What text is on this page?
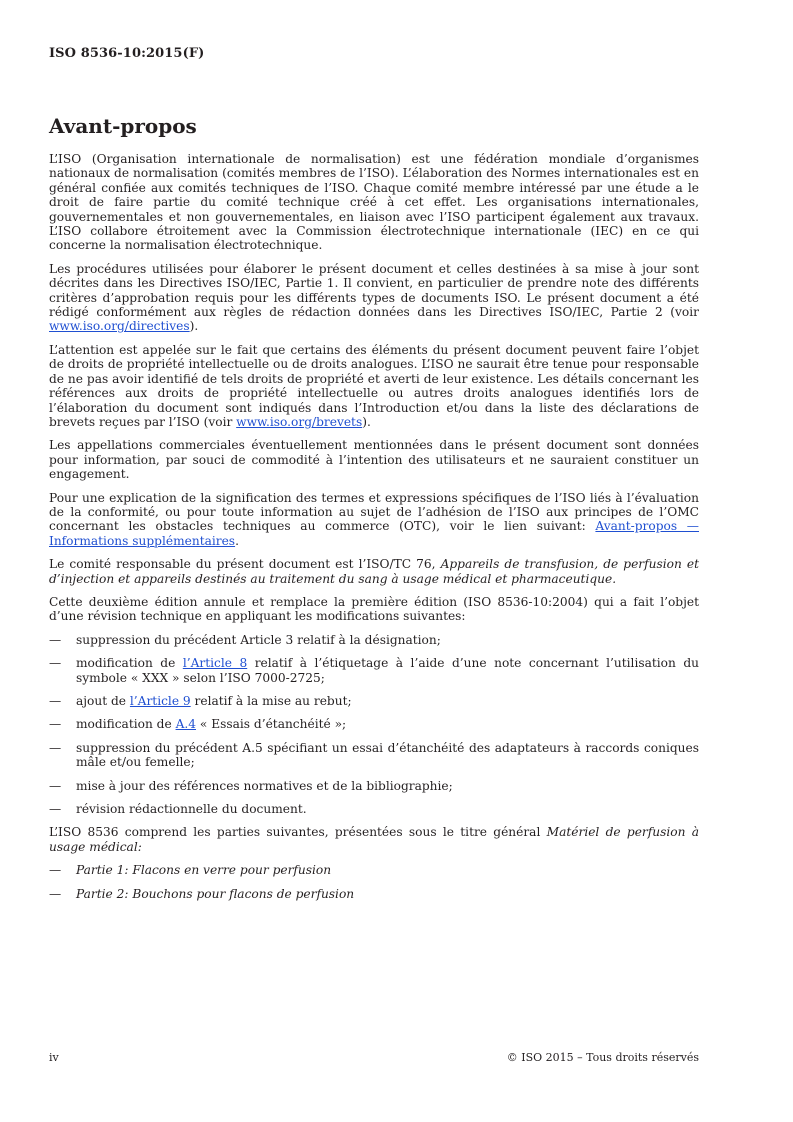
ISO 8536-10:2015(F)
Avant-propos

L’ISO (Organisation internationale de normalisation) est une fédération mondiale d’organismes nationaux de normalisation (comités membres de l’ISO). L’élaboration des Normes internationales est en général confiée aux comités techniques de l’ISO. Chaque comité membre intéressé par une étude a le droit de faire partie du comité technique créé à cet effet. Les organisations internationales, gouvernementales et non gouvernementales, en liaison avec l’ISO participent également aux travaux. L’ISO collabore étroitement avec la Commission électrotechnique internationale (IEC) en ce qui concerne la normalisation électrotechnique.

Les procédures utilisées pour élaborer le présent document et celles destinées à sa mise à jour sont décrites dans les Directives ISO/IEC, Partie 1. Il convient, en particulier de prendre note des différents critères d’approbation requis pour les différents types de documents ISO. Le présent document a été rédigé conformément aux règles de rédaction données dans les Directives ISO/IEC, Partie 2 (voir www.iso.org/directives).

L’attention est appelée sur le fait que certains des éléments du présent document peuvent faire l’objet de droits de propriété intellectuelle ou de droits analogues. L’ISO ne saurait être tenue pour responsable de ne pas avoir identifié de tels droits de propriété et averti de leur existence. Les détails concernant les références aux droits de propriété intellectuelle ou autres droits analogues identifiés lors de l’élaboration du document sont indiqués dans l’Introduction et/ou dans la liste des déclarations de brevets reçues par l’ISO (voir www.iso.org/brevets).

Les appellations commerciales éventuellement mentionnées dans le présent document sont données pour information, par souci de commodité à l’intention des utilisateurs et ne sauraient constituer un engagement.

Pour une explication de la signification des termes et expressions spécifiques de l’ISO liés à l’évaluation de la conformité, ou pour toute information au sujet de l’adhésion de l’ISO aux principes de l’OMC concernant les obstacles techniques au commerce (OTC), voir le lien suivant: Avant-propos — Informations supplémentaires.

Le comité responsable du présent document est l’ISO/TC 76, Appareils de transfusion, de perfusion et d’injection et appareils destinés au traitement du sang à usage médical et pharmaceutique.

Cette deuxième édition annule et remplace la première édition (ISO 8536-10:2004) qui a fait l’objet d’une révision technique en appliquant les modifications suivantes:

—	suppression du précédent Article 3 relatif à la désignation;
—	modification de l’Article 8 relatif à l’étiquetage à l’aide d’une note concernant l’utilisation du symbole « XXX » selon l’ISO 7000-2725;
—	ajout de l’Article 9 relatif à la mise au rebut;
—	modification de A.4 « Essais d’étanchéité »;
—	suppression du précédent A.5 spécifiant un essai d’étanchéité des adaptateurs à raccords coniques mâle et/ou femelle;
—	mise à jour des références normatives et de la bibliographie;
—	révision rédactionnelle du document.

L’ISO 8536 comprend les parties suivantes, présentées sous le titre général Matériel de perfusion à usage médical:

—	Partie 1: Flacons en verre pour perfusion
—	Partie 2: Bouchons pour flacons de perfusion
iv	© ISO 2015 – Tous droits réservés
